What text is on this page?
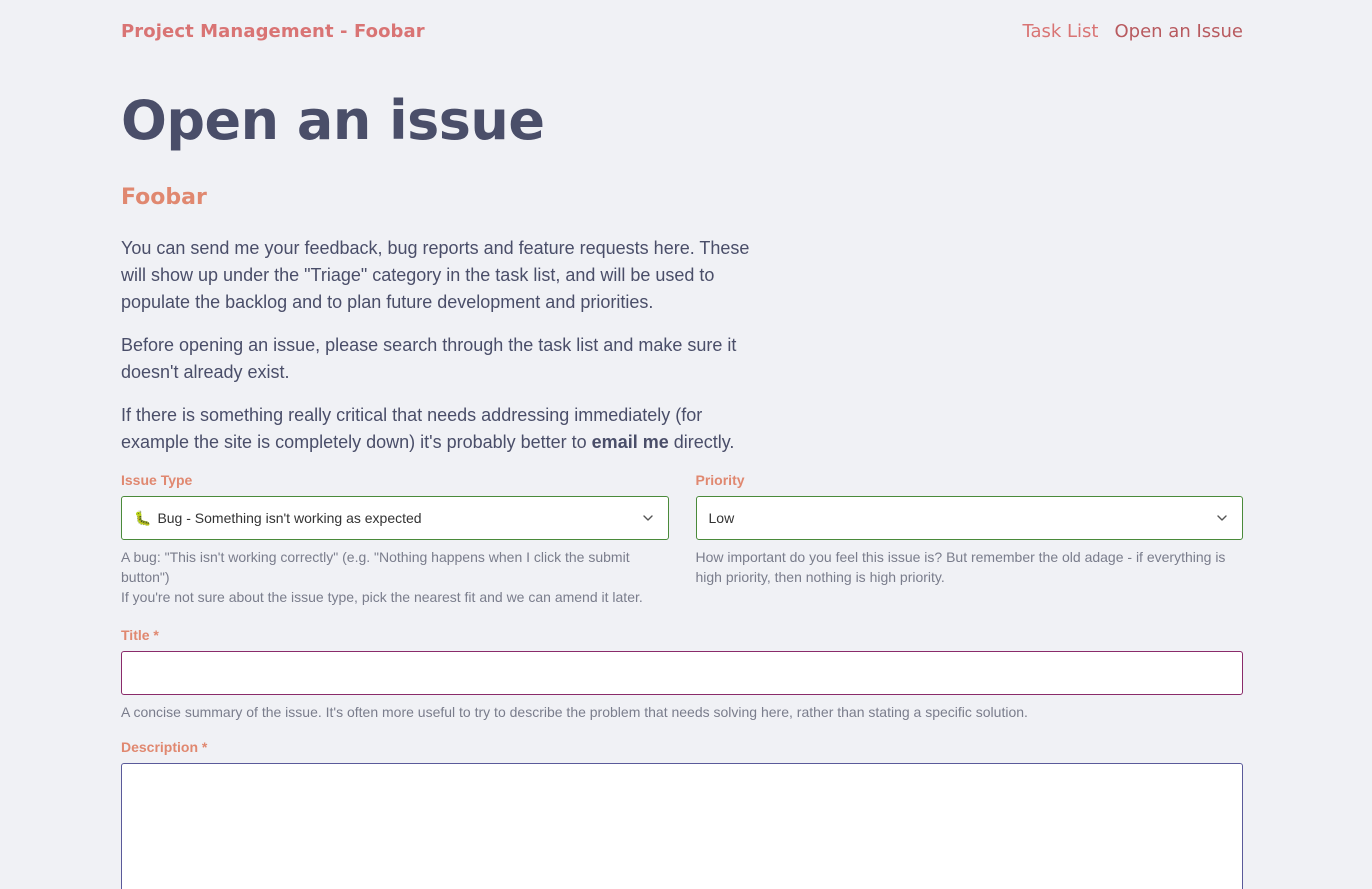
Project Management - Foobar	Task List Open an Issue
Open an issue
Foobar

You can send me your feedback, bug reports and feature requests here. These will show up under the "Triage" category in the task list, and will be used to populate the backlog and to plan future development and priorities.

Before opening an issue, please search through the task list and make sure it doesn't already exist.

If there is something really critical that needs addressing immediately (for example the site is completely down) it's probably better to email me directly.

Issue Type
🐛 Bug - Something isn't working as expected
A bug: "This isn't working correctly" (e.g. "Nothing happens when I click the submit button")
If you're not sure about the issue type, pick the nearest fit and we can amend it later.
Priority
Low
How important do you feel this issue is? But remember the old adage - if everything is high priority, then nothing is high priority.
Title *
A concise summary of the issue. It's often more useful to try to describe the problem that needs solving here, rather than stating a specific solution.
Description *
